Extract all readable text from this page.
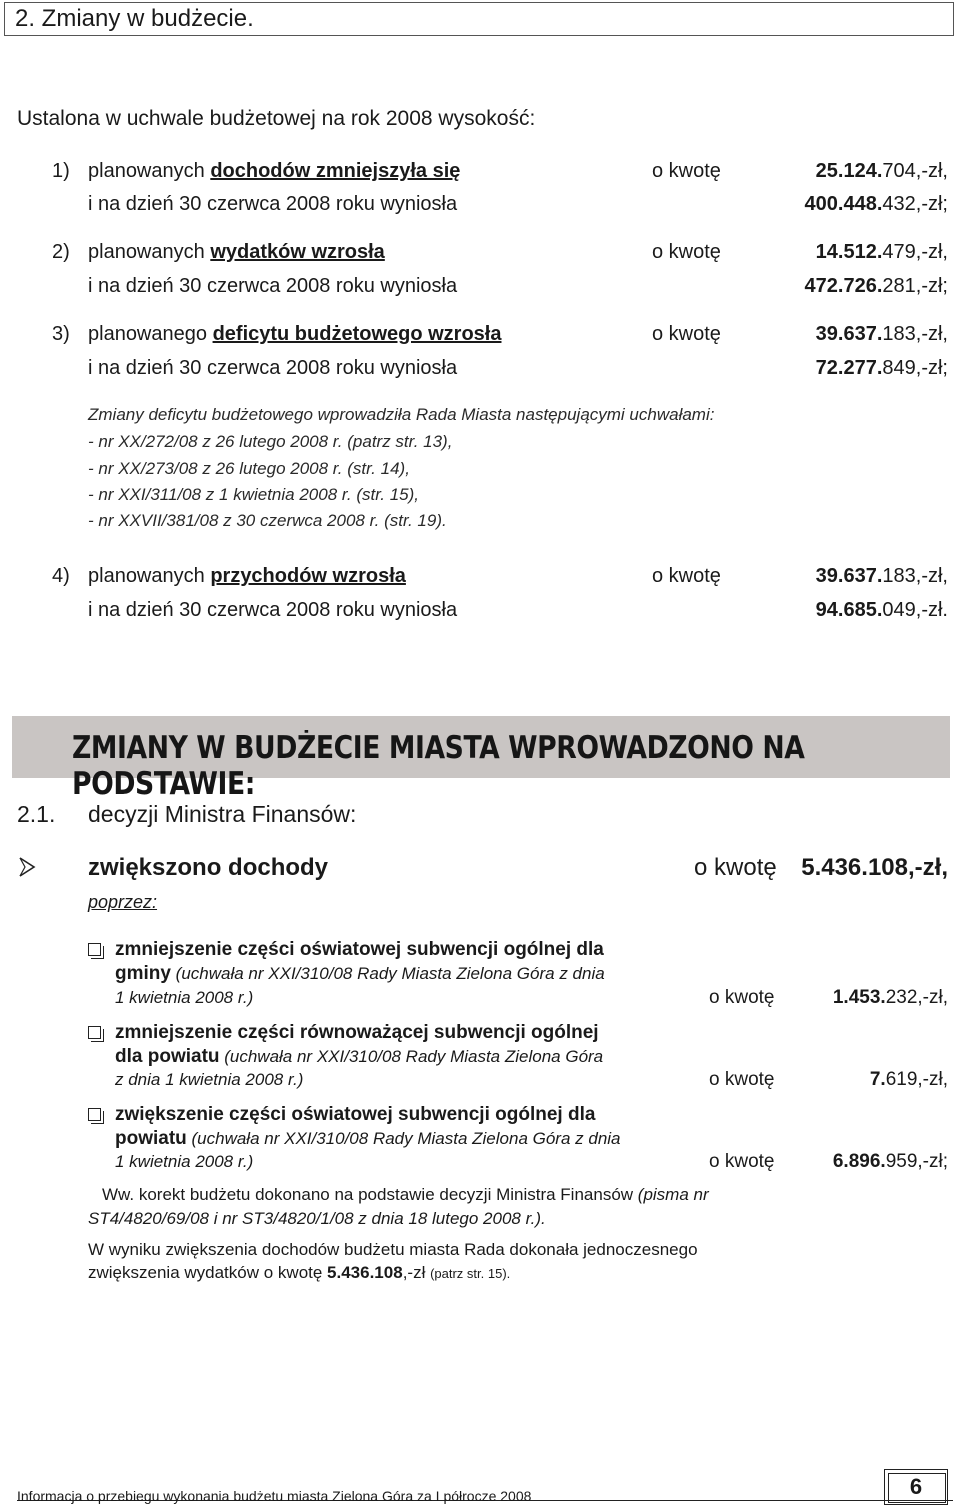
2. Zmiany w budżecie.
Ustalona w uchwale budżetowej na rok 2008 wysokość:
1) planowanych dochodów zmniejszyła się	o kwotę	25.124.704,-zł,
i na dzień 30 czerwca 2008 roku wyniosła	400.448.432,-zł;
2) planowanych wydatków wzrosła	o kwotę	14.512.479,-zł,
i na dzień 30 czerwca 2008 roku wyniosła	472.726.281,-zł;
3) planowanego deficytu budżetowego wzrosła	o kwotę	39.637.183,-zł,
i na dzień 30 czerwca 2008 roku wyniosła	72.277.849,-zł;
Zmiany deficytu budżetowego wprowadziła Rada Miasta następującymi uchwałami:
- nr XX/272/08 z 26 lutego 2008 r. (patrz str. 13),
- nr XX/273/08 z 26 lutego 2008 r. (str. 14),
- nr XXI/311/08 z 1 kwietnia 2008 r. (str. 15),
- nr XXVII/381/08 z 30 czerwca 2008 r. (str. 19).
4) planowanych przychodów wzrosła	o kwotę	39.637.183,-zł,
i na dzień 30 czerwca 2008 roku wyniosła	94.685.049,-zł.
ZMIANY W BUDŻECIE MIASTA WPROWADZONO NA PODSTAWIE:
2.1. decyzji Ministra Finansów:
zwiększono dochody	o kwotę 5.436.108,-zł,
poprzez:
zmniejszenie części oświatowej subwencji ogólnej dla
gminy (uchwała nr XXI/310/08 Rady Miasta Zielona Góra z dnia
1 kwietnia 2008 r.)	o kwotę	1.453.232,-zł,
zmniejszenie części równoważącej subwencji ogólnej
dla powiatu (uchwała nr XXI/310/08 Rady Miasta Zielona Góra
z dnia 1 kwietnia 2008 r.)	o kwotę	7.619,-zł,
zwiększenie części oświatowej subwencji ogólnej dla
powiatu (uchwała nr XXI/310/08 Rady Miasta Zielona Góra z dnia
1 kwietnia 2008 r.)	o kwotę	6.896.959,-zł;
Ww. korekt budżetu dokonano na podstawie decyzji Ministra Finansów (pisma nr
ST4/4820/69/08 i nr ST3/4820/1/08 z dnia 18 lutego 2008 r.).
W wyniku zwiększenia dochodów budżetu miasta Rada dokonała jednoczesnego
zwiększenia wydatków o kwotę 5.436.108,-zł (patrz str. 15).
Informacja o przebiegu wykonania budżetu miasta Zielona Góra za I półrocze 2008	6
